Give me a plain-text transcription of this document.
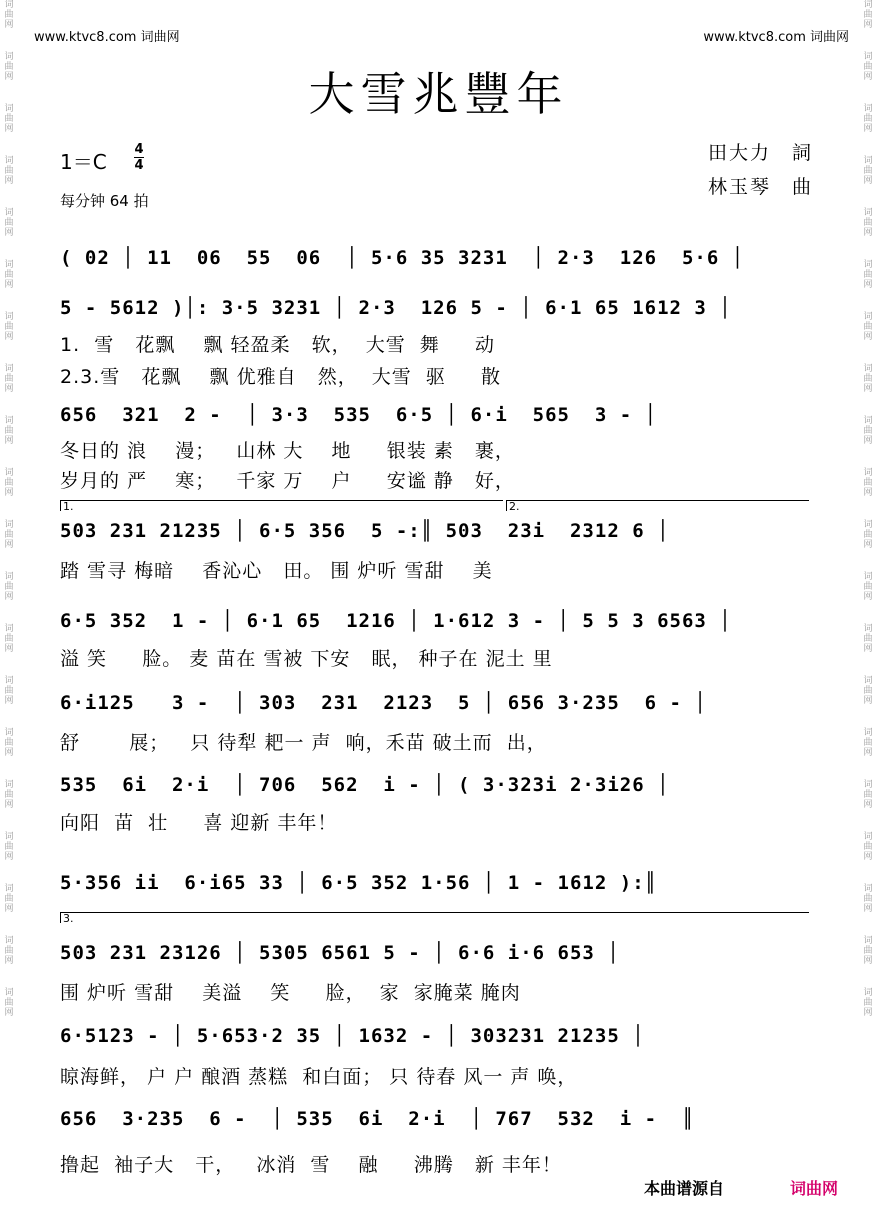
词
曲
网
词
曲
网
词
曲
网
词
曲
网
词
曲
网
词
曲
网
词
曲
网
词
曲
网
词
曲
网
词
曲
网
词
曲
网
词
曲
网
词
曲
网
词
曲
网
词
曲
网
词
曲
网
词
曲
网
词
曲
网
词
曲
网
词
曲
网
词
曲
网
词
曲
网
词
曲
网
词
曲
网
词
曲
网
词
曲
网
词
曲
网
词
曲
网
词
曲
网
词
曲
网
词
曲
网
词
曲
网
词
曲
网
词
曲
网
词
曲
网
词
曲
网
词
曲
网
词
曲
网
词
曲
网
词
曲
网
www.ktvc8.com 词曲网	www.ktvc8.com 词曲网
大雪兆豐年
1＝C
4
4
每分钟 64 拍
田大力　詞
林玉琴　曲
( 02 │ 11  06  55  06  │ 5·6 35 3231  │ 2·3  126  5·6 │
5 - 5612 )│: 3·5 3231 │ 2·3  126 5 - │ 6·1 65 1612 3 │
1.  雪   花飘    飘 轻盈柔   软，  大雪  舞     动
2.3.雪   花飘    飘 优雅自   然，  大雪  驱     散
656  321  2 -  │ 3·3  535  6·5 │ 6·i  565  3 - │
冬日的 浪    漫；   山林 大    地     银装 素   裹，
岁月的 严    寒；   千家 万    户     安谧 静   好，
503 231 21235 │ 6·5 356  5 -:║ 503  23i  2312 6 │
踏 雪寻 梅暗    香沁心   田。 围 炉听 雪甜    美
6·5 352  1 - │ 6·1 65  1216 │ 1·612 3 - │ 5 5 3 6563 │
溢 笑     脸。 麦 苗在 雪被 下安   眠， 种子在 泥土 里
6·i125   3 -  │ 303  231  2123  5 │ 656 3·235  6 - │
舒       展；   只 待犁 耙一 声  响，禾苗 破土而  出，
535  6i  2·i  │ 706  562  i - │ ( 3·323i 2·3i26 │
向阳  苗  壮     喜 迎新 丰年！
5·356 ii  6·i65 33 │ 6·5 352 1·56 │ 1 - 1612 ):║
503 231 23126 │ 5305 6561 5 - │ 6·6 i·6 653 │
围 炉听 雪甜    美溢    笑     脸，  家  家腌菜 腌肉
6·5123 - │ 5·653·2 35 │ 1632 - │ 303231 21235 │
晾海鲜， 户 户 酿酒 蒸糕  和白面； 只 待春 风一 声 唤，
656  3·235  6 -  │ 535  6i  2·i  │ 767  532  i -  ║
撸起  袖子大   干，   冰消  雪    融     沸腾   新 丰年！
1.	2.
3.
本曲谱源自	词曲网
